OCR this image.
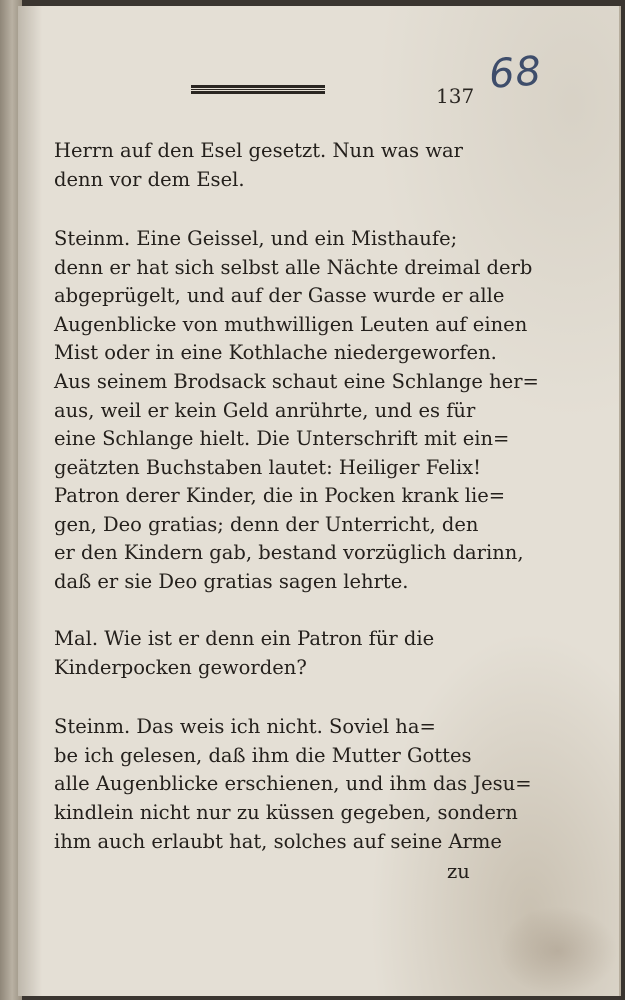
137 68
Herrn auf den Esel gesetzt. Nun was war
denn vor dem Esel.
Steinm. Eine Geissel, und ein Misthaufe;
denn er hat sich selbst alle Nächte dreimal derb
abgeprügelt, und auf der Gasse wurde er alle
Augenblicke von muthwilligen Leuten auf einen
Mist oder in eine Kothlache niedergeworfen.
Aus seinem Brodsack schaut eine Schlange her=
aus, weil er kein Geld anrührte, und es für
eine Schlange hielt. Die Unterschrift mit ein=
geätzten Buchstaben lautet: Heiliger Felix!
Patron derer Kinder, die in Pocken krank lie=
gen, Deo gratias; denn der Unterricht, den
er den Kindern gab, bestand vorzüglich darinn,
daß er sie Deo gratias sagen lehrte.
Mal. Wie ist er denn ein Patron für die
Kinderpocken geworden?
Steinm. Das weis ich nicht. Soviel ha=
be ich gelesen, daß ihm die Mutter Gottes
alle Augenblicke erschienen, und ihm das Jesu=
kindlein nicht nur zu küssen gegeben, sondern
ihm auch erlaubt hat, solches auf seine Arme
zu
